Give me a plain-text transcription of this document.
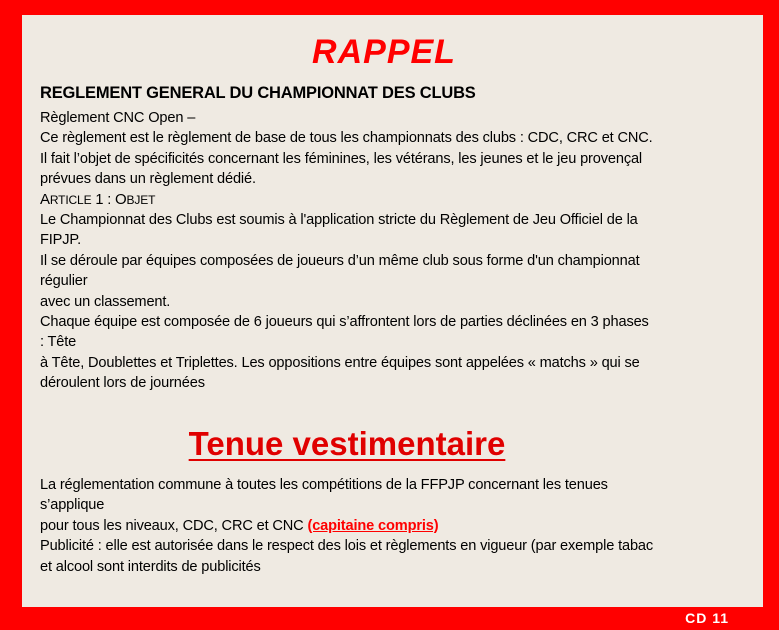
RAPPEL
REGLEMENT GENERAL DU CHAMPIONNAT DES CLUBS
Règlement CNC Open –
Ce règlement est le règlement de base de tous les championnats des clubs : CDC, CRC et CNC.
Il fait l’objet de spécificités concernant les féminines, les vétérans, les jeunes et le jeu provençal
prévues dans un règlement dédié.
ARTICLE 1 : OBJET
Le Championnat des Clubs est soumis à l'application stricte du Règlement de Jeu Officiel de la
FIPJP.
Il se déroule par équipes composées de joueurs d’un même club sous forme d'un championnat
régulier
avec un classement.
Chaque équipe est composée de 6 joueurs qui s’affrontent lors de parties déclinées en 3 phases
: Tête
à Tête, Doublettes et Triplettes. Les oppositions entre équipes sont appelées « matchs » qui se
déroulent lors de journées
Tenue vestimentaire
La réglementation commune à toutes les compétitions de la FFPJP concernant les tenues
s’applique
pour tous les niveaux, CDC, CRC et CNC (capitaine compris)
Publicité : elle est autorisée dans le respect des lois et règlements en vigueur (par exemple tabac
et alcool sont interdits de publicités
CD 11
